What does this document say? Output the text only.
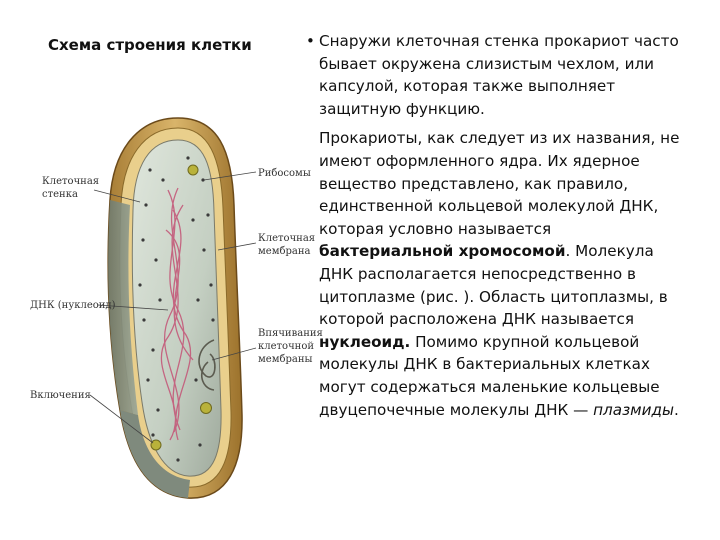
Схема строения клетки
Клеточная
стенка
ДНК (нуклеоид)
Включения
Рибосомы
Клеточная
мембрана
Впячивания
клеточной
мембраны

• Снаружи клеточная стенка прокариот часто бывает окружена слизистым чехлом, или капсулой, которая также выполняет защитную функцию.

Прокариоты, как следует из их названия, не имеют оформленного ядра. Их ядерное вещество представлено, как правило, единственной кольцевой молекулой ДНК, которая условно называется бактериальной хромосомой. Молекула ДНК располагается непосредственно в цитоплазме (рис. ). Область цитоплазмы, в которой расположена ДНК называется нуклеоид. Помимо крупной кольцевой молекулы ДНК в бактериальных клетках могут содержаться маленькие кольцевые двуцепочечные молекулы ДНК — плазмиды.
